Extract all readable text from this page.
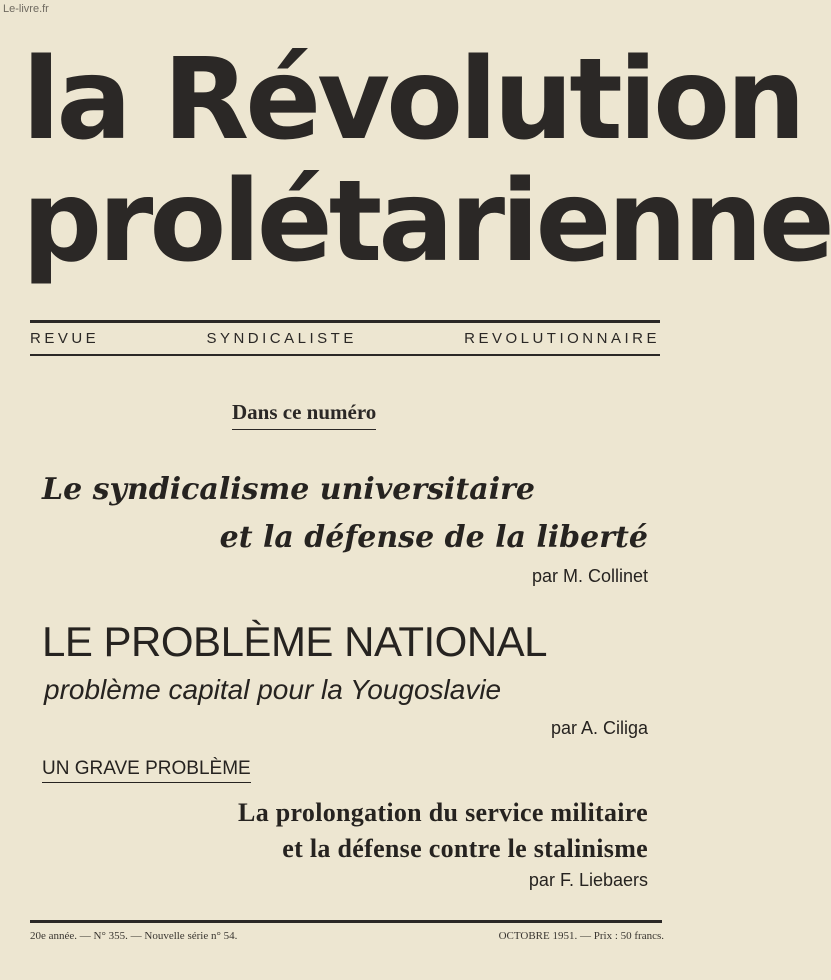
Le-livre.fr
la Révolution
prolétarienne
REVUE	SYNDICALISTE	REVOLUTIONNAIRE
Dans ce numéro
Le syndicalisme universitaire
et la défense de la liberté
par M. Collinet
LE PROBLÈME NATIONAL
problème capital pour la Yougoslavie
par A. Ciliga
UN GRAVE PROBLÈME
La prolongation du service militaire
et la défense contre le stalinisme
par F. Liebaers
20e année. — N° 355. — Nouvelle série n° 54.	OCTOBRE 1951. — Prix : 50 francs.
